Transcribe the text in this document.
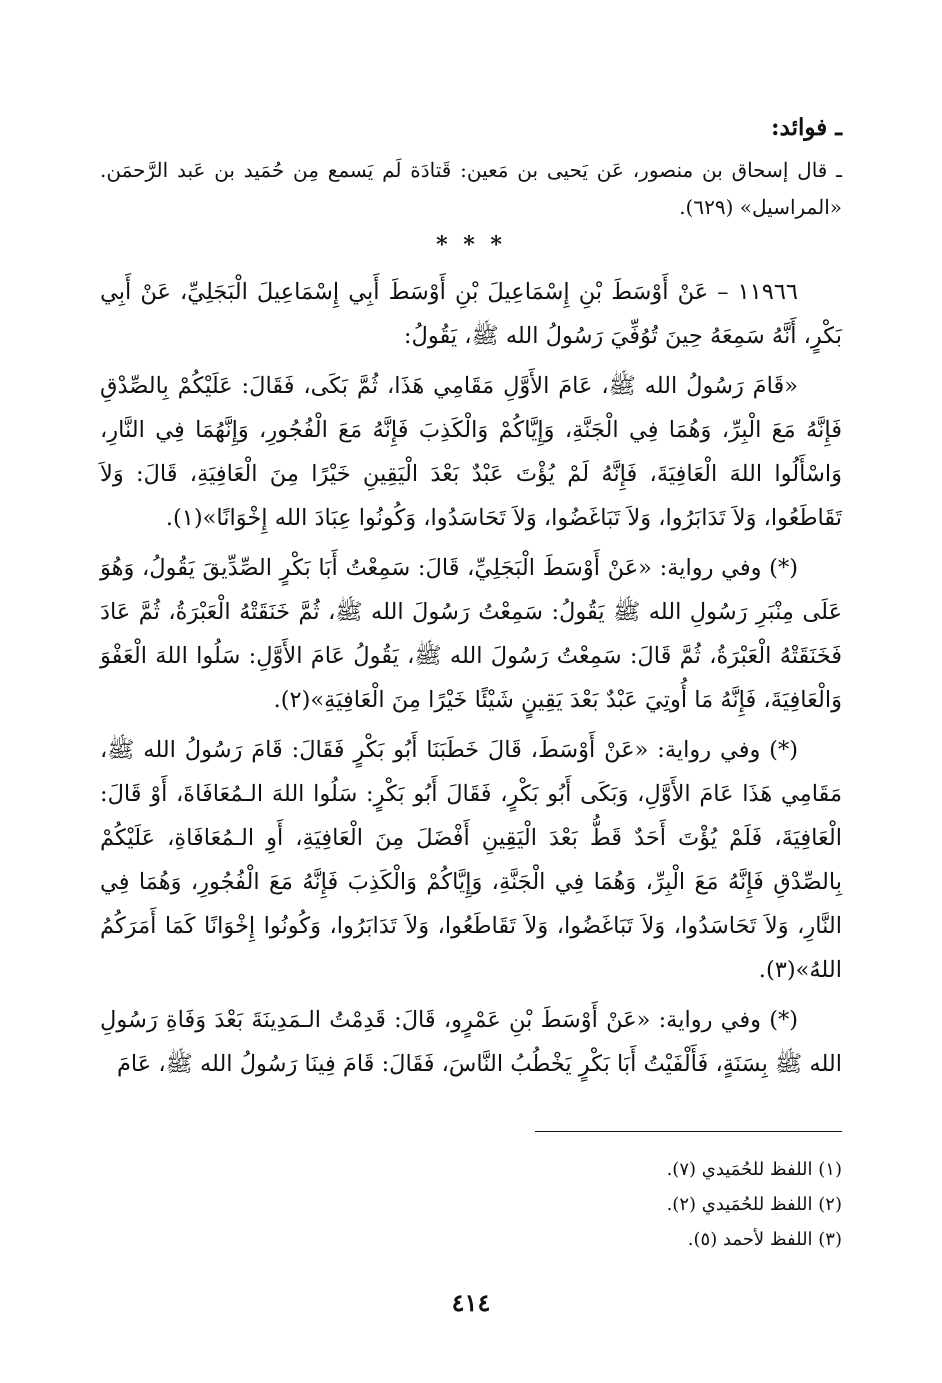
ـ فوائد:

ـ قال إسحاق بن منصور، عَن يَحيى بن مَعين: قَتادَة لَم يَسمع مِن حُمَيد بن عَبد الرَّحمَن. «المراسيل» (٦٢٩).

* * *

١١٩٦٦ – عَنْ أَوْسَطَ بْنِ إِسْمَاعِيلَ بْنِ أَوْسَطَ أَبِي إِسْمَاعِيلَ الْبَجَلِيِّ، عَنْ أَبِي بَكْرٍ، أَنَّهُ سَمِعَهُ حِينَ تُوُفِّيَ رَسُولُ الله ﷺ، يَقُولُ:

«قَامَ رَسُولُ الله ﷺ، عَامَ الأَوَّلِ مَقَامِي هَذَا، ثُمَّ بَكَى، فَقَالَ: عَلَيْكُمْ بِالصِّدْقِ فَإِنَّهُ مَعَ الْبِرِّ، وَهُمَا فِي الْجَنَّةِ، وَإِيَّاكُمْ وَالْكَذِبَ فَإِنَّهُ مَعَ الْفُجُورِ، وَإِنَّهُمَا فِي النَّارِ، وَاسْأَلُوا اللهَ الْعَافِيَةَ، فَإِنَّهُ لَمْ يُؤْتَ عَبْدٌ بَعْدَ الْيَقِينِ خَيْرًا مِنَ الْعَافِيَةِ، قَالَ: وَلاَ تَقَاطَعُوا، وَلاَ تَدَابَرُوا، وَلاَ تَبَاغَضُوا، وَلاَ تَحَاسَدُوا، وَكُونُوا عِبَادَ الله إِخْوَانًا»(١).

(*) وفي رواية: «عَنْ أَوْسَطَ الْبَجَلِيِّ، قَالَ: سَمِعْتُ أَبَا بَكْرٍ الصِّدِّيقَ يَقُولُ، وَهُوَ عَلَى مِنْبَرِ رَسُولِ الله ﷺ يَقُولُ: سَمِعْتُ رَسُولَ الله ﷺ، ثُمَّ خَنَقَتْهُ الْعَبْرَةُ، ثُمَّ عَادَ فَخَنَقَتْهُ الْعَبْرَةُ، ثُمَّ قَالَ: سَمِعْتُ رَسُولَ الله ﷺ، يَقُولُ عَامَ الأَوَّلِ: سَلُوا اللهَ الْعَفْوَ وَالْعَافِيَةَ، فَإِنَّهُ مَا أُوتِيَ عَبْدٌ بَعْدَ يَقِينٍ شَيْئًا خَيْرًا مِنَ الْعَافِيَةِ»(٢).

(*) وفي رواية: «عَنْ أَوْسَطَ، قَالَ خَطَبَنَا أَبُو بَكْرٍ فَقَالَ: قَامَ رَسُولُ الله ﷺ، مَقَامِي هَذَا عَامَ الأَوَّلِ، وَبَكَى أَبُو بَكْرٍ، فَقَالَ أَبُو بَكْرٍ: سَلُوا اللهَ الـمُعَافَاةَ، أَوْ قَالَ: الْعَافِيَةَ، فَلَمْ يُؤْتَ أَحَدٌ قَطُّ بَعْدَ الْيَقِينِ أَفْضَلَ مِنَ الْعَافِيَةِ، أَوِ الـمُعَافَاةِ، عَلَيْكُمْ بِالصِّدْقِ فَإِنَّهُ مَعَ الْبِرِّ، وَهُمَا فِي الْجَنَّةِ، وَإِيَّاكُمْ وَالْكَذِبَ فَإِنَّهُ مَعَ الْفُجُورِ، وَهُمَا فِي النَّارِ، وَلاَ تَحَاسَدُوا، وَلاَ تَبَاغَضُوا، وَلاَ تَقَاطَعُوا، وَلاَ تَدَابَرُوا، وَكُونُوا إِخْوَانًا كَمَا أَمَرَكُمُ اللهُ»(٣).

(*) وفي رواية: «عَنْ أَوْسَطَ بْنِ عَمْرٍو، قَالَ: قَدِمْتُ الـمَدِينَةَ بَعْدَ وَفَاةِ رَسُولِ الله ﷺ بِسَنَةٍ، فَأَلْفَيْتُ أَبَا بَكْرٍ يَخْطُبُ النَّاسَ، فَقَالَ: قَامَ فِينَا رَسُولُ الله ﷺ، عَامَ

(١) اللفظ للحُمَيدي (٧).

(٢) اللفظ للحُمَيدي (٢).

(٣) اللفظ لأحمد (٥).

٤١٤
